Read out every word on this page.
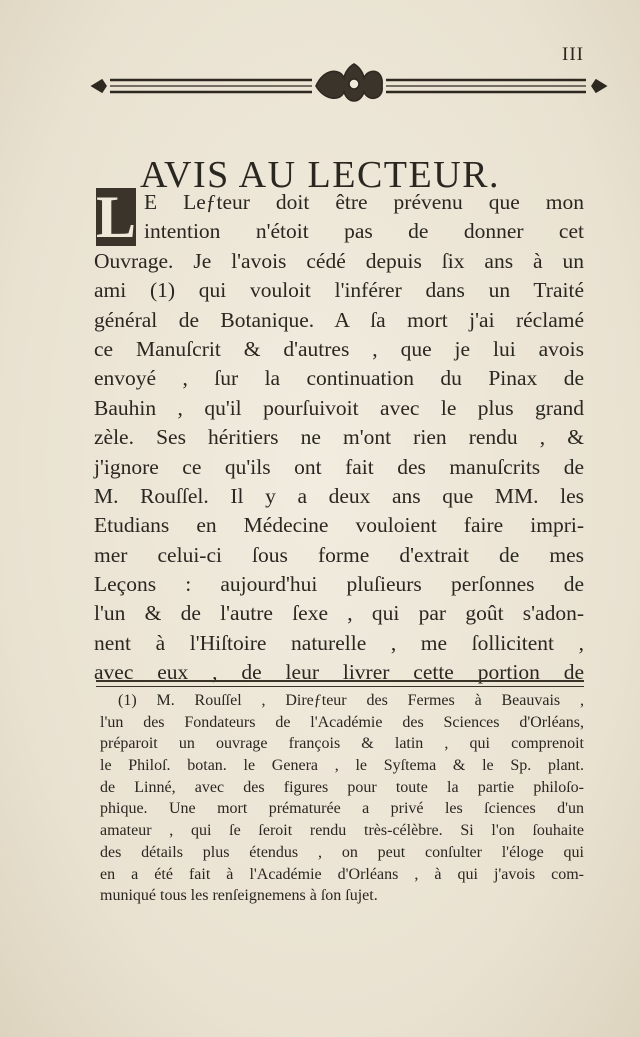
III
AVIS AU LECTEUR.
L E Leƒteur doit être prévenu que mon
intention n'étoit pas de donner cet
Ouvrage. Je l'avois cédé depuis ſix ans à un
ami (1) qui vouloit l'inférer dans un Traité
général de Botanique. A ſa mort j'ai réclamé
ce Manuſcrit & d'autres , que je lui avois
envoyé , ſur la continuation du Pinax de
Bauhin , qu'il pourſuivoit avec le plus grand
zèle. Ses héritiers ne m'ont rien rendu , &
j'ignore ce qu'ils ont fait des manuſcrits de
M. Rouſſel. Il y a deux ans que MM. les
Etudians en Médecine vouloient faire impri-
mer celui-ci ſous forme d'extrait de mes
Leçons : aujourd'hui pluſieurs perſonnes de
l'un & de l'autre ſexe , qui par goût s'adon-
nent à l'Hiſtoire naturelle , me ſollicitent ,
avec eux , de leur livrer cette portion de
(1) M. Rouſſel , Direƒteur des Fermes à Beauvais ,
l'un des Fondateurs de l'Académie des Sciences d'Orléans,
préparoit un ouvrage françois & latin , qui comprenoit
le Philoſ. botan. le Genera , le Syſtema & le Sp. plant.
de Linné, avec des figures pour toute la partie philoſo-
phique. Une mort prématurée a privé les ſciences d'un
amateur , qui ſe ſeroit rendu très-célèbre. Si l'on ſouhaite
des détails plus étendus , on peut conſulter l'éloge qui
en a été fait à l'Académie d'Orléans , à qui j'avois com-
muniqué tous les renſeignemens à ſon ſujet.
